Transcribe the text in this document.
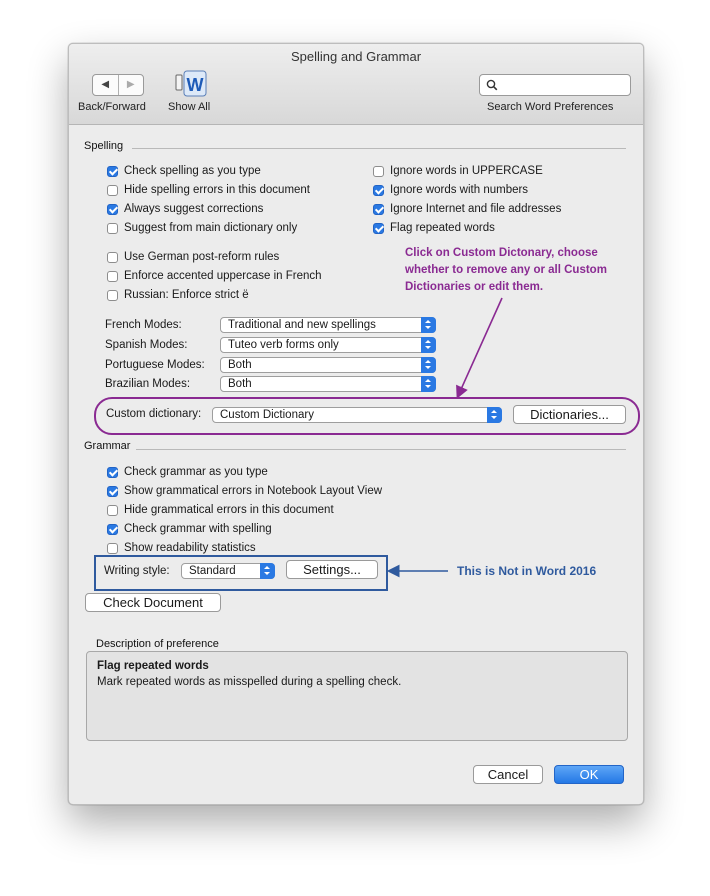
Spelling and Grammar
◀	▶	W
Back/Forward Show All	Search Word Preferences
Spelling
Check spelling as you type
Hide spelling errors in this document
Always suggest corrections
Suggest from main dictionary only
Ignore words in UPPERCASE
Ignore words with numbers
Ignore Internet and file addresses
Flag repeated words
Use German post-reform rules
Enforce accented uppercase in French
Russian: Enforce strict ë
Click on Custom Dictonary, choose
whether to remove any or all Custom
Dictionaries or edit them.
French Modes:	Traditional and new spellings
Spanish Modes:	Tuteo verb forms only
Portuguese Modes:	Both
Brazilian Modes:	Both
Custom dictionary:	Custom Dictionary	Dictionaries...
Grammar
Check grammar as you type
Show grammatical errors in Notebook Layout View
Hide grammatical errors in this document
Check grammar with spelling
Show readability statistics
Writing style:	Standard	Settings...	This is Not in Word 2016
Check Document
Description of preference
Flag repeated words
Mark repeated words as misspelled during a spelling check.
Cancel	OK
